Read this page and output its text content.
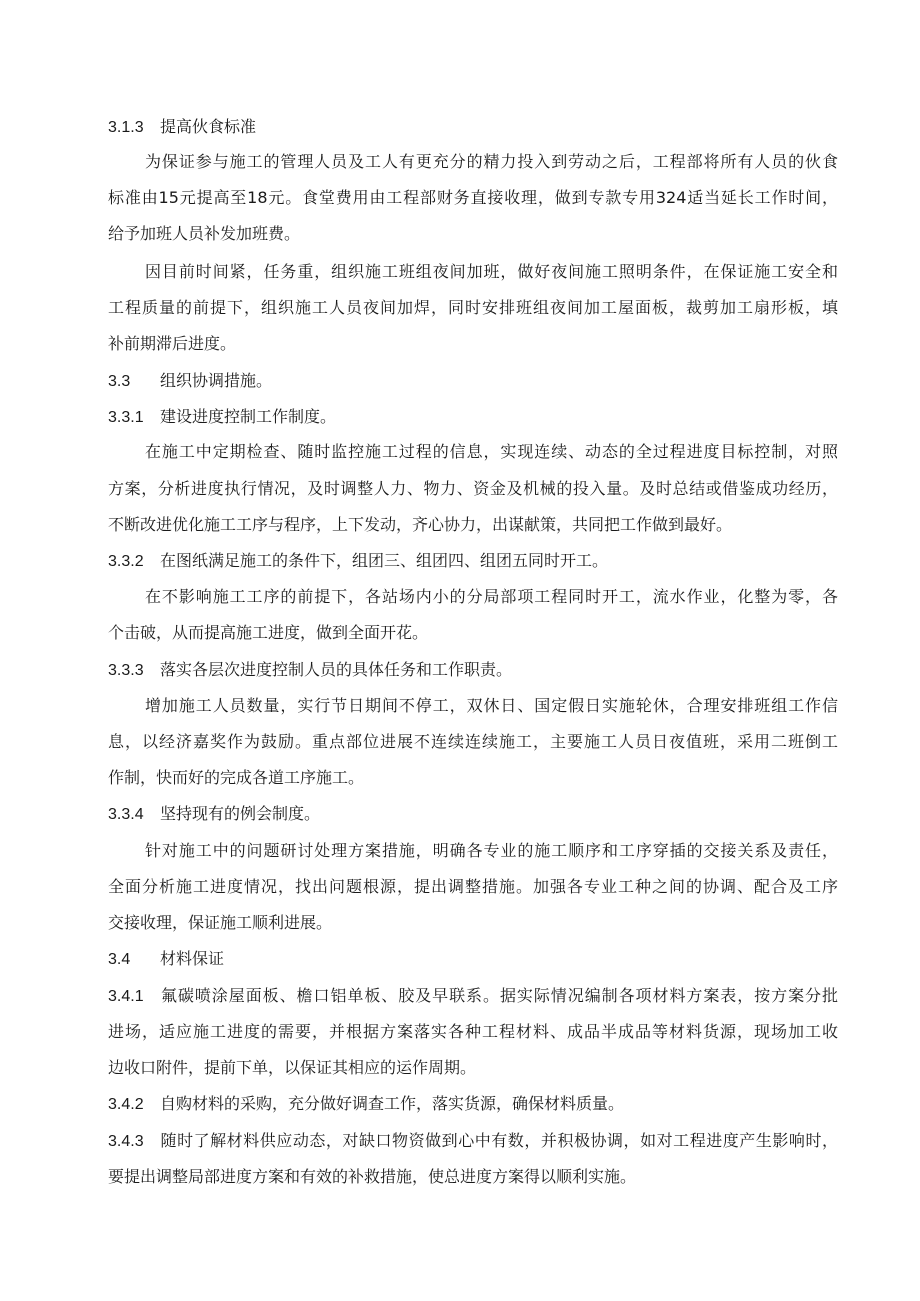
3.1.3 提高伙食标准
为保证参与施工的管理人员及工人有更充分的精力投入到劳动之后，工程部将所有人员的伙食
标准由15元提高至18元。食堂费用由工程部财务直接收理，做到专款专用324适当延长工作时间，
给予加班人员补发加班费。
因目前时间紧，任务重，组织施工班组夜间加班，做好夜间施工照明条件，在保证施工安全和
工程质量的前提下，组织施工人员夜间加焊，同时安排班组夜间加工屋面板，裁剪加工扇形板，填
补前期滞后进度。
3.3 组织协调措施。
3.3.1 建设进度控制工作制度。
在施工中定期检查、随时监控施工过程的信息，实现连续、动态的全过程进度目标控制，对照
方案，分析进度执行情况，及时调整人力、物力、资金及机械的投入量。及时总结或借鉴成功经历，
不断改进优化施工工序与程序，上下发动，齐心协力，出谋献策，共同把工作做到最好。
3.3.2 在图纸满足施工的条件下，组团三、组团四、组团五同时开工。
在不影响施工工序的前提下，各站场内小的分局部项工程同时开工，流水作业，化整为零，各
个击破，从而提高施工进度，做到全面开花。
3.3.3 落实各层次进度控制人员的具体任务和工作职责。
增加施工人员数量，实行节日期间不停工，双休日、国定假日实施轮休，合理安排班组工作信
息，以经济嘉奖作为鼓励。重点部位进展不连续连续施工，主要施工人员日夜值班，采用二班倒工
作制，快而好的完成各道工序施工。
3.3.4 坚持现有的例会制度。
针对施工中的问题研讨处理方案措施，明确各专业的施工顺序和工序穿插的交接关系及责任，
全面分析施工进度情况，找出问题根源，提出调整措施。加强各专业工种之间的协调、配合及工序
交接收理，保证施工顺利进展。
3.4 材料保证
3.4.1 氟碳喷涂屋面板、檐口铝单板、胶及早联系。据实际情况编制各项材料方案表，按方案分批
进场，适应施工进度的需要，并根据方案落实各种工程材料、成品半成品等材料货源，现场加工收
边收口附件，提前下单，以保证其相应的运作周期。
3.4.2 自购材料的采购，充分做好调查工作，落实货源，确保材料质量。
3.4.3 随时了解材料供应动态，对缺口物资做到心中有数，并积极协调，如对工程进度产生影响时，
要提出调整局部进度方案和有效的补救措施，使总进度方案得以顺利实施。
